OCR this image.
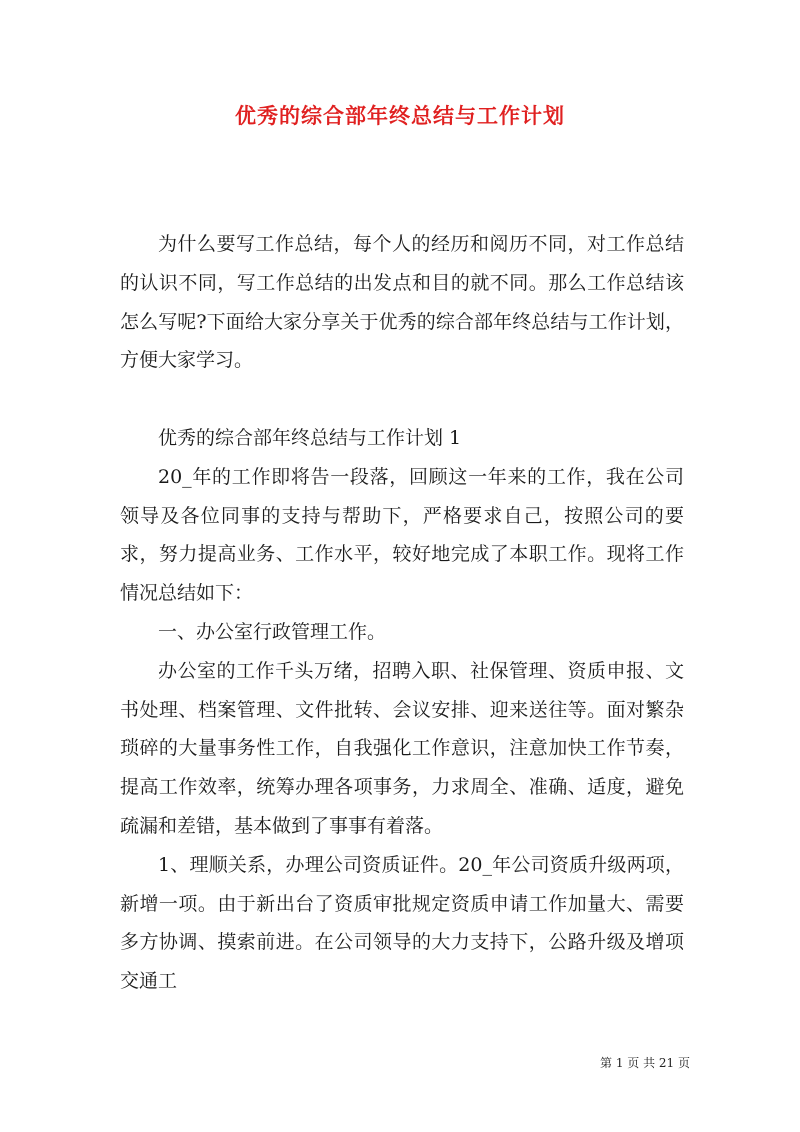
优秀的综合部年终总结与工作计划

为什么要写工作总结，每个人的经历和阅历不同，对工作总结的认识不同，写工作总结的出发点和目的就不同。那么工作总结该怎么写呢?下面给大家分享关于优秀的综合部年终总结与工作计划，方便大家学习。

优秀的综合部年终总结与工作计划 1

20_年的工作即将告一段落，回顾这一年来的工作，我在公司领导及各位同事的支持与帮助下，严格要求自己，按照公司的要求，努力提高业务、工作水平，较好地完成了本职工作。现将工作情况总结如下：

一、办公室行政管理工作。

办公室的工作千头万绪，招聘入职、社保管理、资质申报、文书处理、档案管理、文件批转、会议安排、迎来送往等。面对繁杂琐碎的大量事务性工作，自我强化工作意识，注意加快工作节奏，提高工作效率，统筹办理各项事务，力求周全、准确、适度，避免疏漏和差错，基本做到了事事有着落。

1、理顺关系，办理公司资质证件。20_年公司资质升级两项，新增一项。由于新出台了资质审批规定资质申请工作加量大、需要多方协调、摸索前进。在公司领导的大力支持下，公路升级及增项交通工

第 1 页 共 21 页
